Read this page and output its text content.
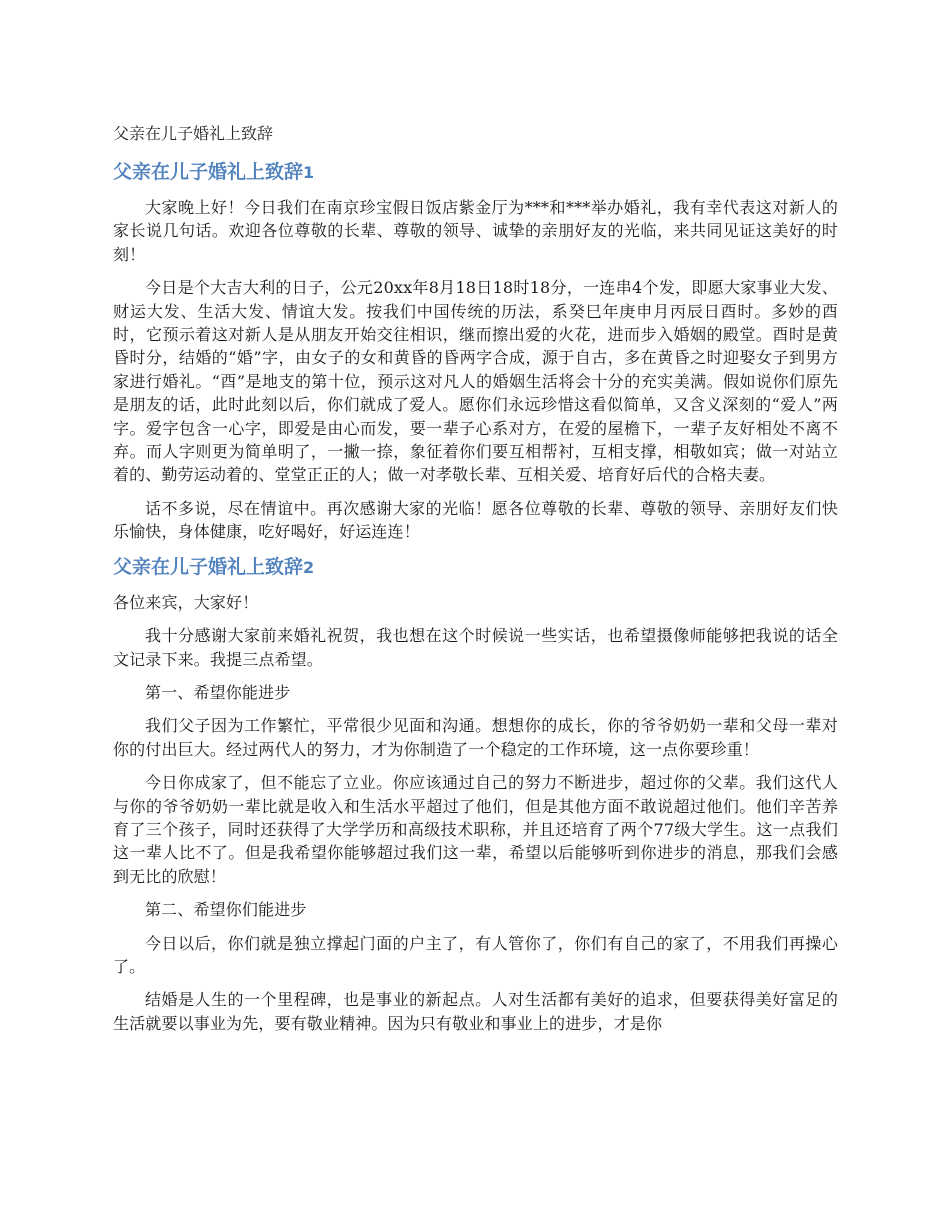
父亲在儿子婚礼上致辞
父亲在儿子婚礼上致辞1

大家晚上好！今日我们在南京珍宝假日饭店紫金厅为***和***举办婚礼，我有幸代表这对新人的家长说几句话。欢迎各位尊敬的长辈、尊敬的领导、诚挚的亲朋好友的光临，来共同见证这美好的时刻！

今日是个大吉大利的日子，公元20xx年8月18日18时18分，一连串4个发，即愿大家事业大发、财运大发、生活大发、情谊大发。按我们中国传统的历法，系癸巳年庚申月丙辰日酉时。多妙的酉时，它预示着这对新人是从朋友开始交往相识，继而擦出爱的火花，进而步入婚姻的殿堂。酉时是黄昏时分，结婚的“婚”字，由女子的女和黄昏的昏两字合成，源于自古，多在黄昏之时迎娶女子到男方家进行婚礼。“酉”是地支的第十位，预示这对凡人的婚姻生活将会十分的充实美满。假如说你们原先是朋友的话，此时此刻以后，你们就成了爱人。愿你们永远珍惜这看似简单，又含义深刻的“爱人”两字。爱字包含一心字，即爱是由心而发，要一辈子心系对方，在爱的屋檐下，一辈子友好相处不离不弃。而人字则更为简单明了，一撇一捺，象征着你们要互相帮衬，互相支撑，相敬如宾；做一对站立着的、勤劳运动着的、堂堂正正的人；做一对孝敬长辈、互相关爱、培育好后代的合格夫妻。

话不多说，尽在情谊中。再次感谢大家的光临！愿各位尊敬的长辈、尊敬的领导、亲朋好友们快乐愉快，身体健康，吃好喝好，好运连连！

父亲在儿子婚礼上致辞2

各位来宾，大家好！

我十分感谢大家前来婚礼祝贺，我也想在这个时候说一些实话，也希望摄像师能够把我说的话全文记录下来。我提三点希望。

第一、希望你能进步

我们父子因为工作繁忙，平常很少见面和沟通。想想你的成长，你的爷爷奶奶一辈和父母一辈对你的付出巨大。经过两代人的努力，才为你制造了一个稳定的工作环境，这一点你要珍重！

今日你成家了，但不能忘了立业。你应该通过自己的努力不断进步，超过你的父辈。我们这代人与你的爷爷奶奶一辈比就是收入和生活水平超过了他们，但是其他方面不敢说超过他们。他们辛苦养育了三个孩子，同时还获得了大学学历和高级技术职称，并且还培育了两个77级大学生。这一点我们这一辈人比不了。但是我希望你能够超过我们这一辈，希望以后能够听到你进步的消息，那我们会感到无比的欣慰！

第二、希望你们能进步

今日以后，你们就是独立撑起门面的户主了，有人管你了，你们有自己的家了，不用我们再操心了。

结婚是人生的一个里程碑，也是事业的新起点。人对生活都有美好的追求，但要获得美好富足的生活就要以事业为先，要有敬业精神。因为只有敬业和事业上的进步，才是你
